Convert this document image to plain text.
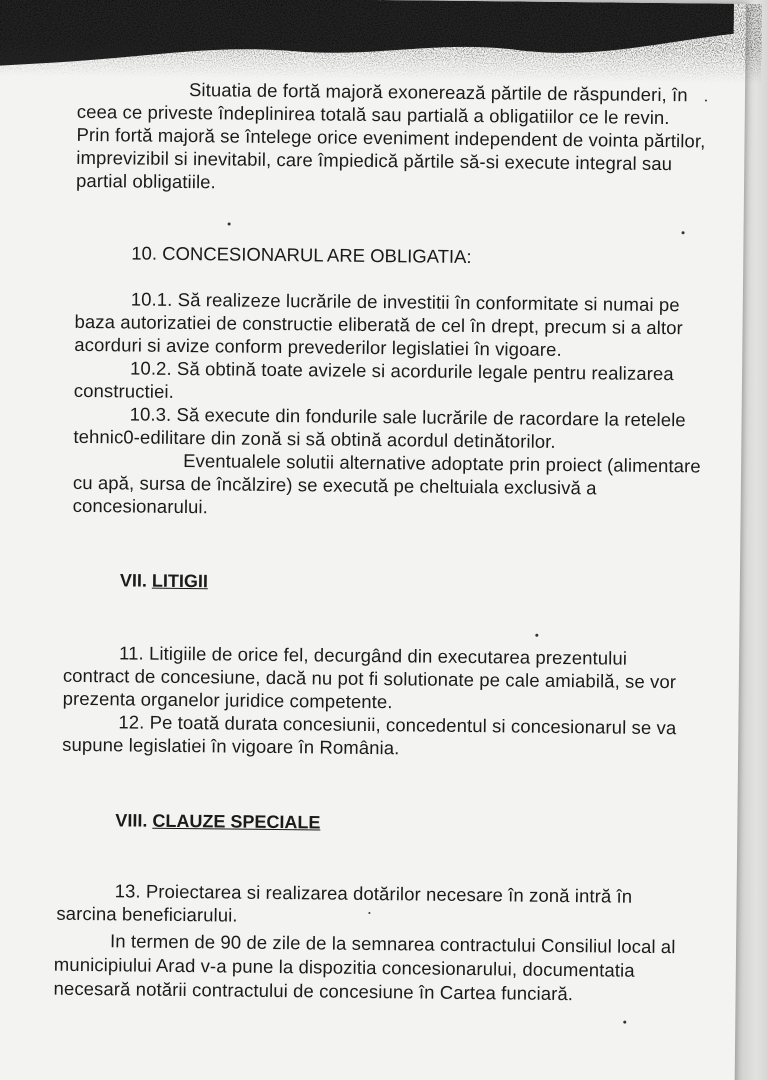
Situatia de fortă majoră exonerează părtile de răspunderi, în
ceea ce priveste îndeplinirea totală sau partială a obligatiilor ce le revin.
Prin fortă majoră se întelege orice eveniment independent de vointa părtilor,
imprevizibil si inevitabil, care împiedică părtile să-si execute integral sau
partial obligatiile.
10. CONCESIONARUL ARE OBLIGATIA:
10.1. Să realizeze lucrările de investitii în conformitate si numai pe
baza autorizatiei de constructie eliberată de cel în drept, precum si a altor
acorduri si avize conform prevederilor legislatiei în vigoare.
10.2. Să obtină toate avizele si acordurile legale pentru realizarea
constructiei.
10.3. Să execute din fondurile sale lucrările de racordare la retelele
tehnic0-edilitare din zonă si să obtină acordul detinătorilor.
Eventualele solutii alternative adoptate prin proiect (alimentare
cu apă, sursa de încălzire) se execută pe cheltuiala exclusivă a
concesionarului.
VII. LITIGII
11. Litigiile de orice fel, decurgând din executarea prezentului
contract de concesiune, dacă nu pot fi solutionate pe cale amiabilă, se vor
prezenta organelor juridice competente.
12. Pe toată durata concesiunii, concedentul si concesionarul se va
supune legislatiei în vigoare în România.
VIII. CLAUZE SPECIALE
13. Proiectarea si realizarea dotărilor necesare în zonă intră în
sarcina beneficiarului.
In termen de 90 de zile de la semnarea contractului Consiliul local al
municipiului Arad v-a pune la dispozitia concesionarului, documentatia
necesară notării contractului de concesiune în Cartea funciară.
